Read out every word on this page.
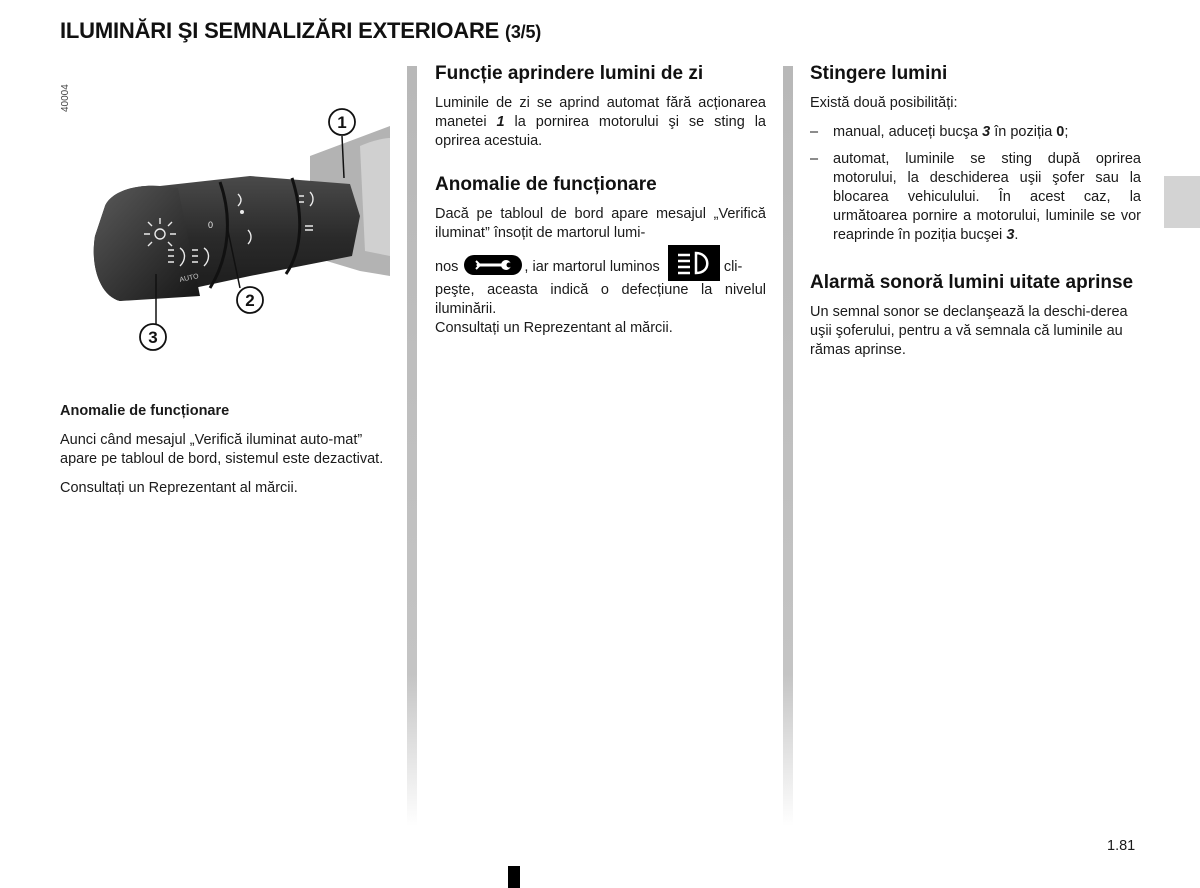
ILUMINĂRI ŞI SEMNALIZĂRI EXTERIOARE (3/5)
40004
0
AUTO
1
2
3
Anomalie de funcționare

Aunci când mesajul „Verifică iluminat auto-mat” apare pe tabloul de bord, sistemul este dezactivat.

Consultați un Reprezentant al mărcii.

Funcție aprindere lumini de zi

Luminile de zi se aprind automat fără acționarea manetei 1 la pornirea motorului şi se sting la oprirea acestuia.

Anomalie de funcționare

Dacă pe tabloul de bord apare mesajul „Verifică iluminat” însoțit de martorul lumi-

nos	, iar martorul luminos	cli-
peşte, aceasta indică o defecțiune la nivelul iluminării.
Consultați un Reprezentant al mărcii.
Stingere lumini

Există două posibilități:

– manual, aduceți bucşa 3 în poziția 0;
– automat, luminile se sting după oprirea motorului, la deschiderea uşii şofer sau la blocarea vehiculului. În acest caz, la următoarea pornire a motorului, luminile se vor reaprinde în poziția bucşei 3.
Alarmă sonoră lumini uitate aprinse

Un semnal sonor se declanşează la deschi-derea uşii şoferului, pentru a vă semnala că luminile au rămas aprinse.

1.81
